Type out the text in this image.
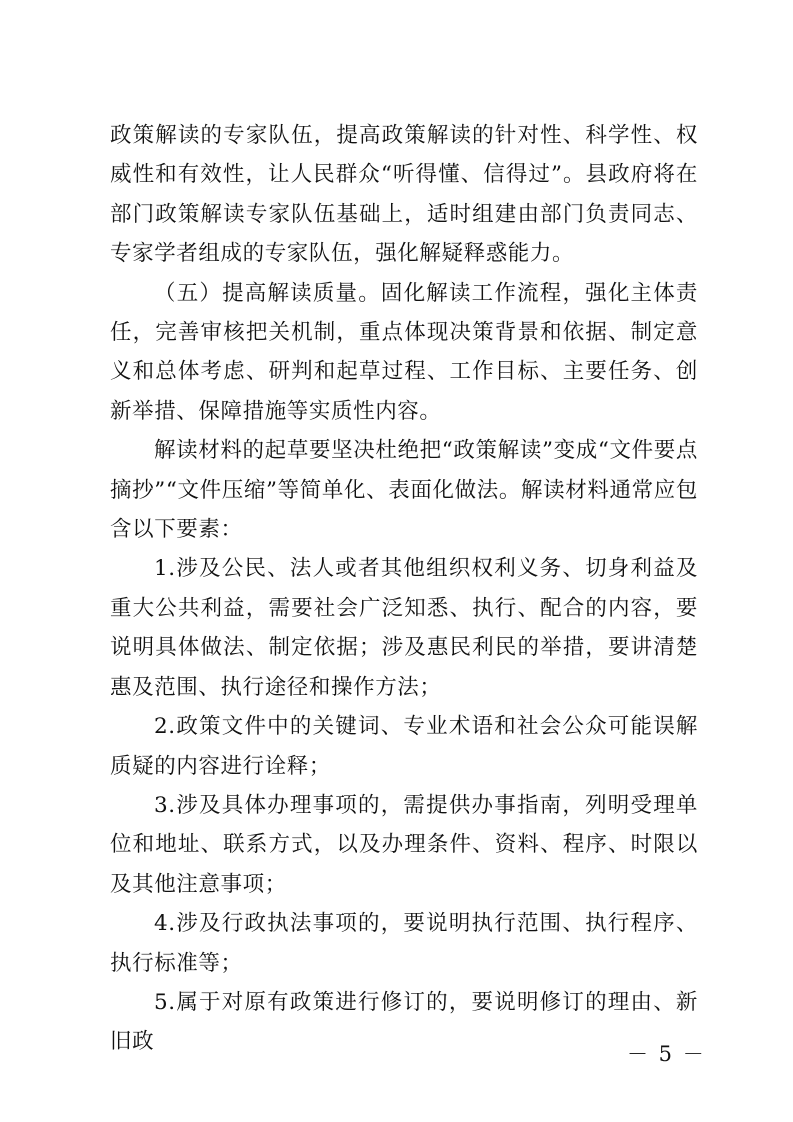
政策解读的专家队伍，提高政策解读的针对性、科学性、权威性和有效性，让人民群众“听得懂、信得过”。县政府将在部门政策解读专家队伍基础上，适时组建由部门负责同志、专家学者组成的专家队伍，强化解疑释惑能力。

（五）提高解读质量。固化解读工作流程，强化主体责任，完善审核把关机制，重点体现决策背景和依据、制定意义和总体考虑、研判和起草过程、工作目标、主要任务、创新举措、保障措施等实质性内容。

解读材料的起草要坚决杜绝把“政策解读”变成“文件要点摘抄”“文件压缩”等简单化、表面化做法。解读材料通常应包含以下要素：

1.涉及公民、法人或者其他组织权利义务、切身利益及重大公共利益，需要社会广泛知悉、执行、配合的内容，要说明具体做法、制定依据；涉及惠民利民的举措，要讲清楚惠及范围、执行途径和操作方法；

2.政策文件中的关键词、专业术语和社会公众可能误解质疑的内容进行诠释；

3.涉及具体办理事项的，需提供办事指南，列明受理单位和地址、联系方式，以及办理条件、资料、程序、时限以及其他注意事项；

4.涉及行政执法事项的，要说明执行范围、执行程序、执行标准等；

5.属于对原有政策进行修订的，要说明修订的理由、新旧政	－ 5 －
